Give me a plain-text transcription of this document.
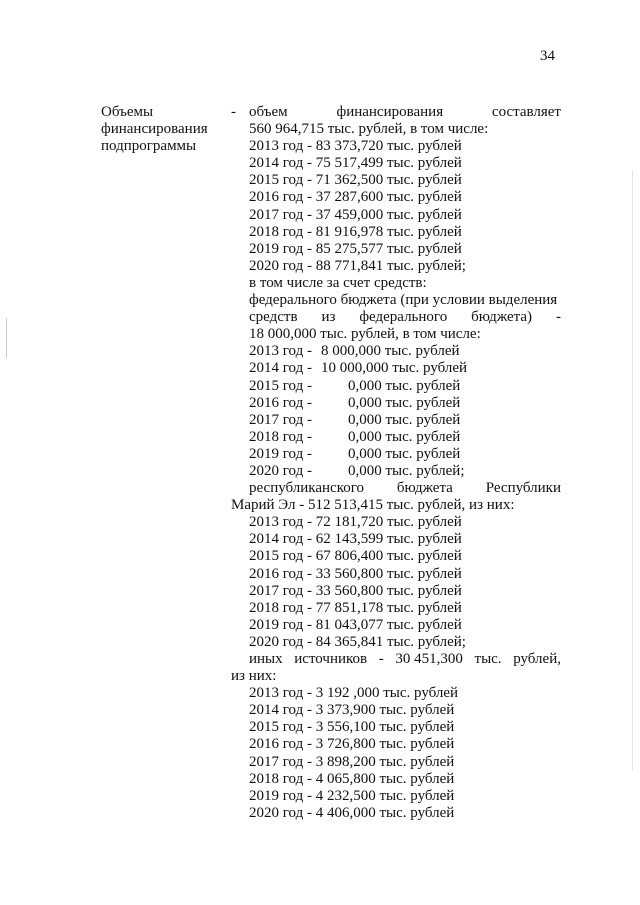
34
Объемы
финансирования
подпрограммы
- объем	финансирования	составляет
560 964,715 тыс. рублей, в том числе:
2013 год - 83 373,720 тыс. рублей
2014 год - 75 517,499 тыс. рублей
2015 год - 71 362,500 тыс. рублей
2016 год - 37 287,600 тыс. рублей
2017 год - 37 459,000 тыс. рублей
2018 год - 81 916,978 тыс. рублей
2019 год - 85 275,577 тыс. рублей
2020 год - 88 771,841 тыс. рублей;
в том числе за счет средств:
федерального бюджета (при условии выделения
средств из федерального бюджета) -
18 000,000 тыс. рублей, в том числе:
2013 год - 8 000,000 тыс. рублей
2014 год - 10 000,000 тыс. рублей
2015 год -	0,000 тыс. рублей
2016 год -	0,000 тыс. рублей
2017 год -	0,000 тыс. рублей
2018 год -	0,000 тыс. рублей
2019 год -	0,000 тыс. рублей
2020 год -	0,000 тыс. рублей;
республиканского бюджета Республики
Марий Эл - 512 513,415 тыс. рублей, из них:
2013 год - 72 181,720 тыс. рублей
2014 год - 62 143,599 тыс. рублей
2015 год - 67 806,400 тыс. рублей
2016 год - 33 560,800 тыс. рублей
2017 год - 33 560,800 тыс. рублей
2018 год - 77 851,178 тыс. рублей
2019 год - 81 043,077 тыс. рублей
2020 год - 84 365,841 тыс. рублей;
иных источников - 30 451,300 тыс. рублей,
из них:
2013 год - 3 192 ,000 тыс. рублей
2014 год - 3 373,900 тыс. рублей
2015 год - 3 556,100 тыс. рублей
2016 год - 3 726,800 тыс. рублей
2017 год - 3 898,200 тыс. рублей
2018 год - 4 065,800 тыс. рублей
2019 год - 4 232,500 тыс. рублей
2020 год - 4 406,000 тыс. рублей
